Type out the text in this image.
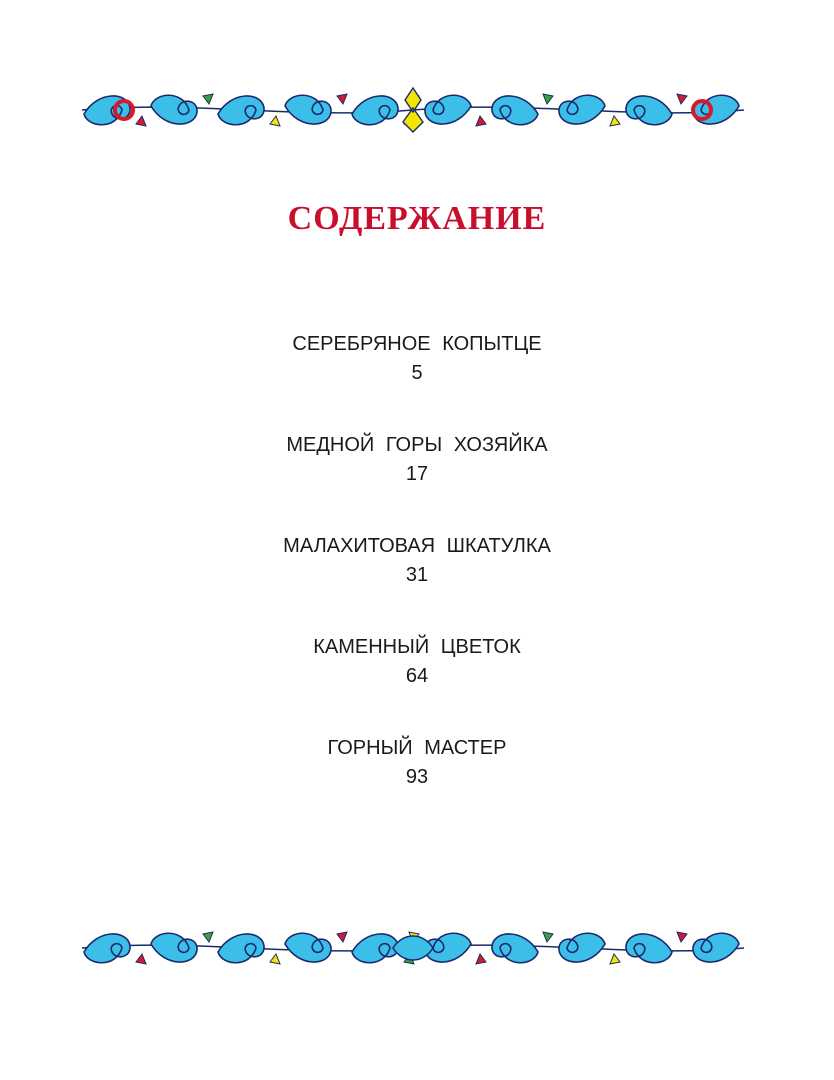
СОДЕРЖАНИЕ
СЕРЕБРЯНОЕ КОПЫТЦЕ
5
МЕДНОЙ ГОРЫ ХОЗЯЙКА
17
МАЛАХИТОВАЯ ШКАТУЛКА
31
КАМЕННЫЙ ЦВЕТОК
64
ГОРНЫЙ МАСТЕР
93
